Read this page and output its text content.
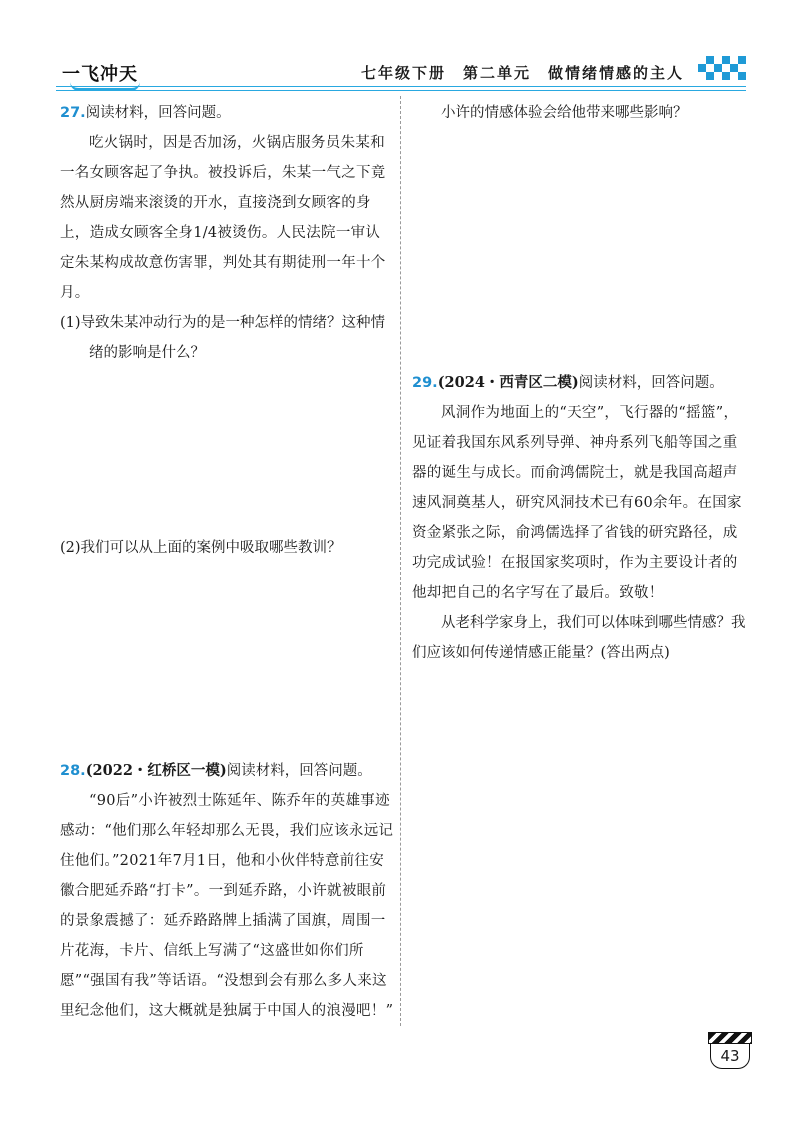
一飞冲天	七年级下册　第二单元　做情绪情感的主人

27.阅读材料，回答问题。

吃火锅时，因是否加汤，火锅店服务员朱某和一名女顾客起了争执。被投诉后，朱某一气之下竟然从厨房端来滚烫的开水，直接浇到女顾客的身上，造成女顾客全身1/4被烫伤。人民法院一审认定朱某构成故意伤害罪，判处其有期徒刑一年十个月。

(1)导致朱某冲动行为的是一种怎样的情绪？这种情绪的影响是什么？

(2)我们可以从上面的案例中吸取哪些教训？

28.(2022・红桥区一模)阅读材料，回答问题。

“90后”小许被烈士陈延年、陈乔年的英雄事迹感动：“他们那么年轻却那么无畏，我们应该永远记住他们。”2021年7月1日，他和小伙伴特意前往安徽合肥延乔路“打卡”。一到延乔路，小许就被眼前的景象震撼了：延乔路路牌上插满了国旗，周围一片花海，卡片、信纸上写满了“这盛世如你们所愿”“强国有我”等话语。“没想到会有那么多人来这里纪念他们，这大概就是独属于中国人的浪漫吧！”

小许的情感体验会给他带来哪些影响？

29.(2024・西青区二模)阅读材料，回答问题。

风洞作为地面上的“天空”，飞行器的“摇篮”，见证着我国东风系列导弹、神舟系列飞船等国之重器的诞生与成长。而俞鸿儒院士，就是我国高超声速风洞奠基人，研究风洞技术已有60余年。在国家资金紧张之际，俞鸿儒选择了省钱的研究路径，成功完成试验！在报国家奖项时，作为主要设计者的他却把自己的名字写在了最后。致敬！

从老科学家身上，我们可以体味到哪些情感？我们应该如何传递情感正能量？(答出两点)

43
